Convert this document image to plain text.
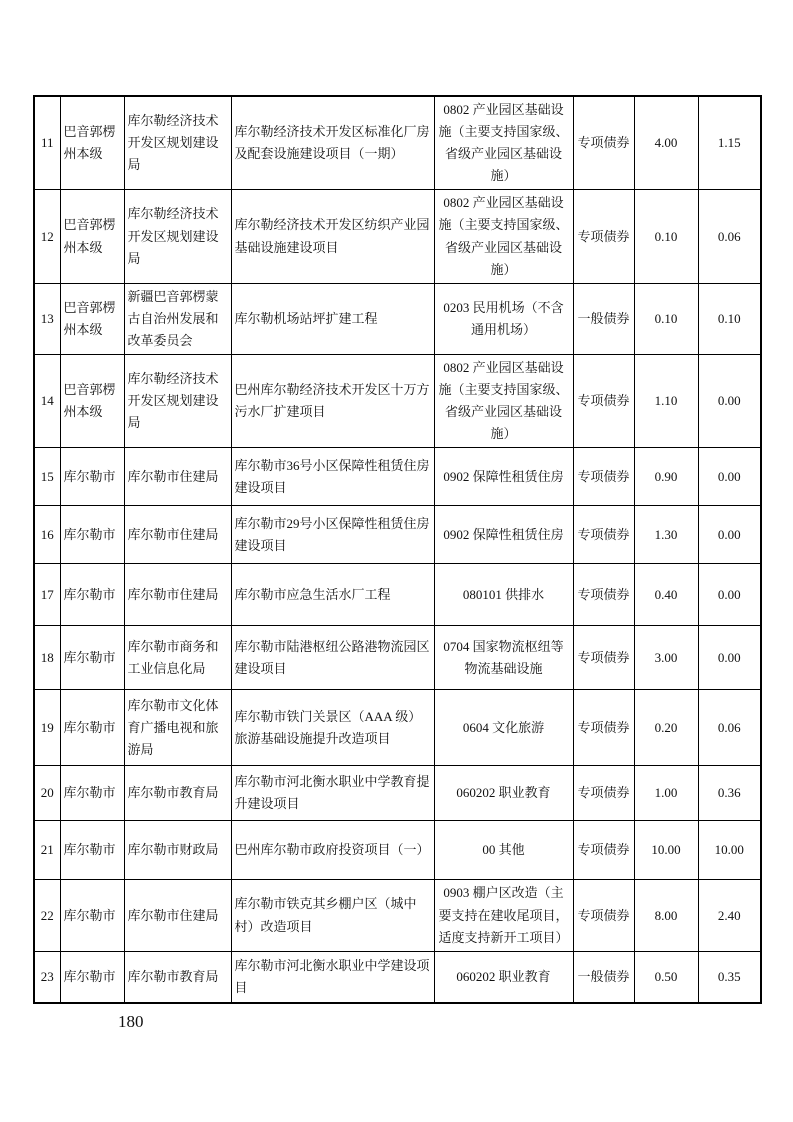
11	巴音郭楞州本级	库尔勒经济技术开发区规划建设局	库尔勒经济技术开发区标准化厂房及配套设施建设项目（一期）	0802 产业园区基础设施（主要支持国家级、省级产业园区基础设施）	专项债券	4.00	1.15
12	巴音郭楞州本级	库尔勒经济技术开发区规划建设局	库尔勒经济技术开发区纺织产业园基础设施建设项目	0802 产业园区基础设施（主要支持国家级、省级产业园区基础设施）	专项债券	0.10	0.06
13	巴音郭楞州本级	新疆巴音郭楞蒙古自治州发展和改革委员会	库尔勒机场站坪扩建工程	0203 民用机场（不含通用机场）	一般债券	0.10	0.10
14	巴音郭楞州本级	库尔勒经济技术开发区规划建设局	巴州库尔勒经济技术开发区十万方污水厂扩建项目	0802 产业园区基础设施（主要支持国家级、省级产业园区基础设施）	专项债券	1.10	0.00
15	库尔勒市	库尔勒市住建局	库尔勒市36号小区保障性租赁住房建设项目	0902 保障性租赁住房	专项债券	0.90	0.00
16	库尔勒市	库尔勒市住建局	库尔勒市29号小区保障性租赁住房建设项目	0902 保障性租赁住房	专项债券	1.30	0.00
17	库尔勒市	库尔勒市住建局	库尔勒市应急生活水厂工程	080101 供排水	专项债券	0.40	0.00
18	库尔勒市	库尔勒市商务和工业信息化局	库尔勒市陆港枢纽公路港物流园区建设项目	0704 国家物流枢纽等物流基础设施	专项债券	3.00	0.00
19	库尔勒市	库尔勒市文化体育广播电视和旅游局	库尔勒市铁门关景区（AAA 级）旅游基础设施提升改造项目	0604 文化旅游	专项债券	0.20	0.06
20	库尔勒市	库尔勒市教育局	库尔勒市河北衡水职业中学教育提升建设项目	060202 职业教育	专项债券	1.00	0.36
21	库尔勒市	库尔勒市财政局	巴州库尔勒市政府投资项目（一）	00 其他	专项债券	10.00	10.00
22	库尔勒市	库尔勒市住建局	库尔勒市铁克其乡棚户区（城中村）改造项目	0903 棚户区改造（主要支持在建收尾项目，适度支持新开工项目）	专项债券	8.00	2.40
23	库尔勒市	库尔勒市教育局	库尔勒市河北衡水职业中学建设项目	060202 职业教育	一般债券	0.50	0.35
180
